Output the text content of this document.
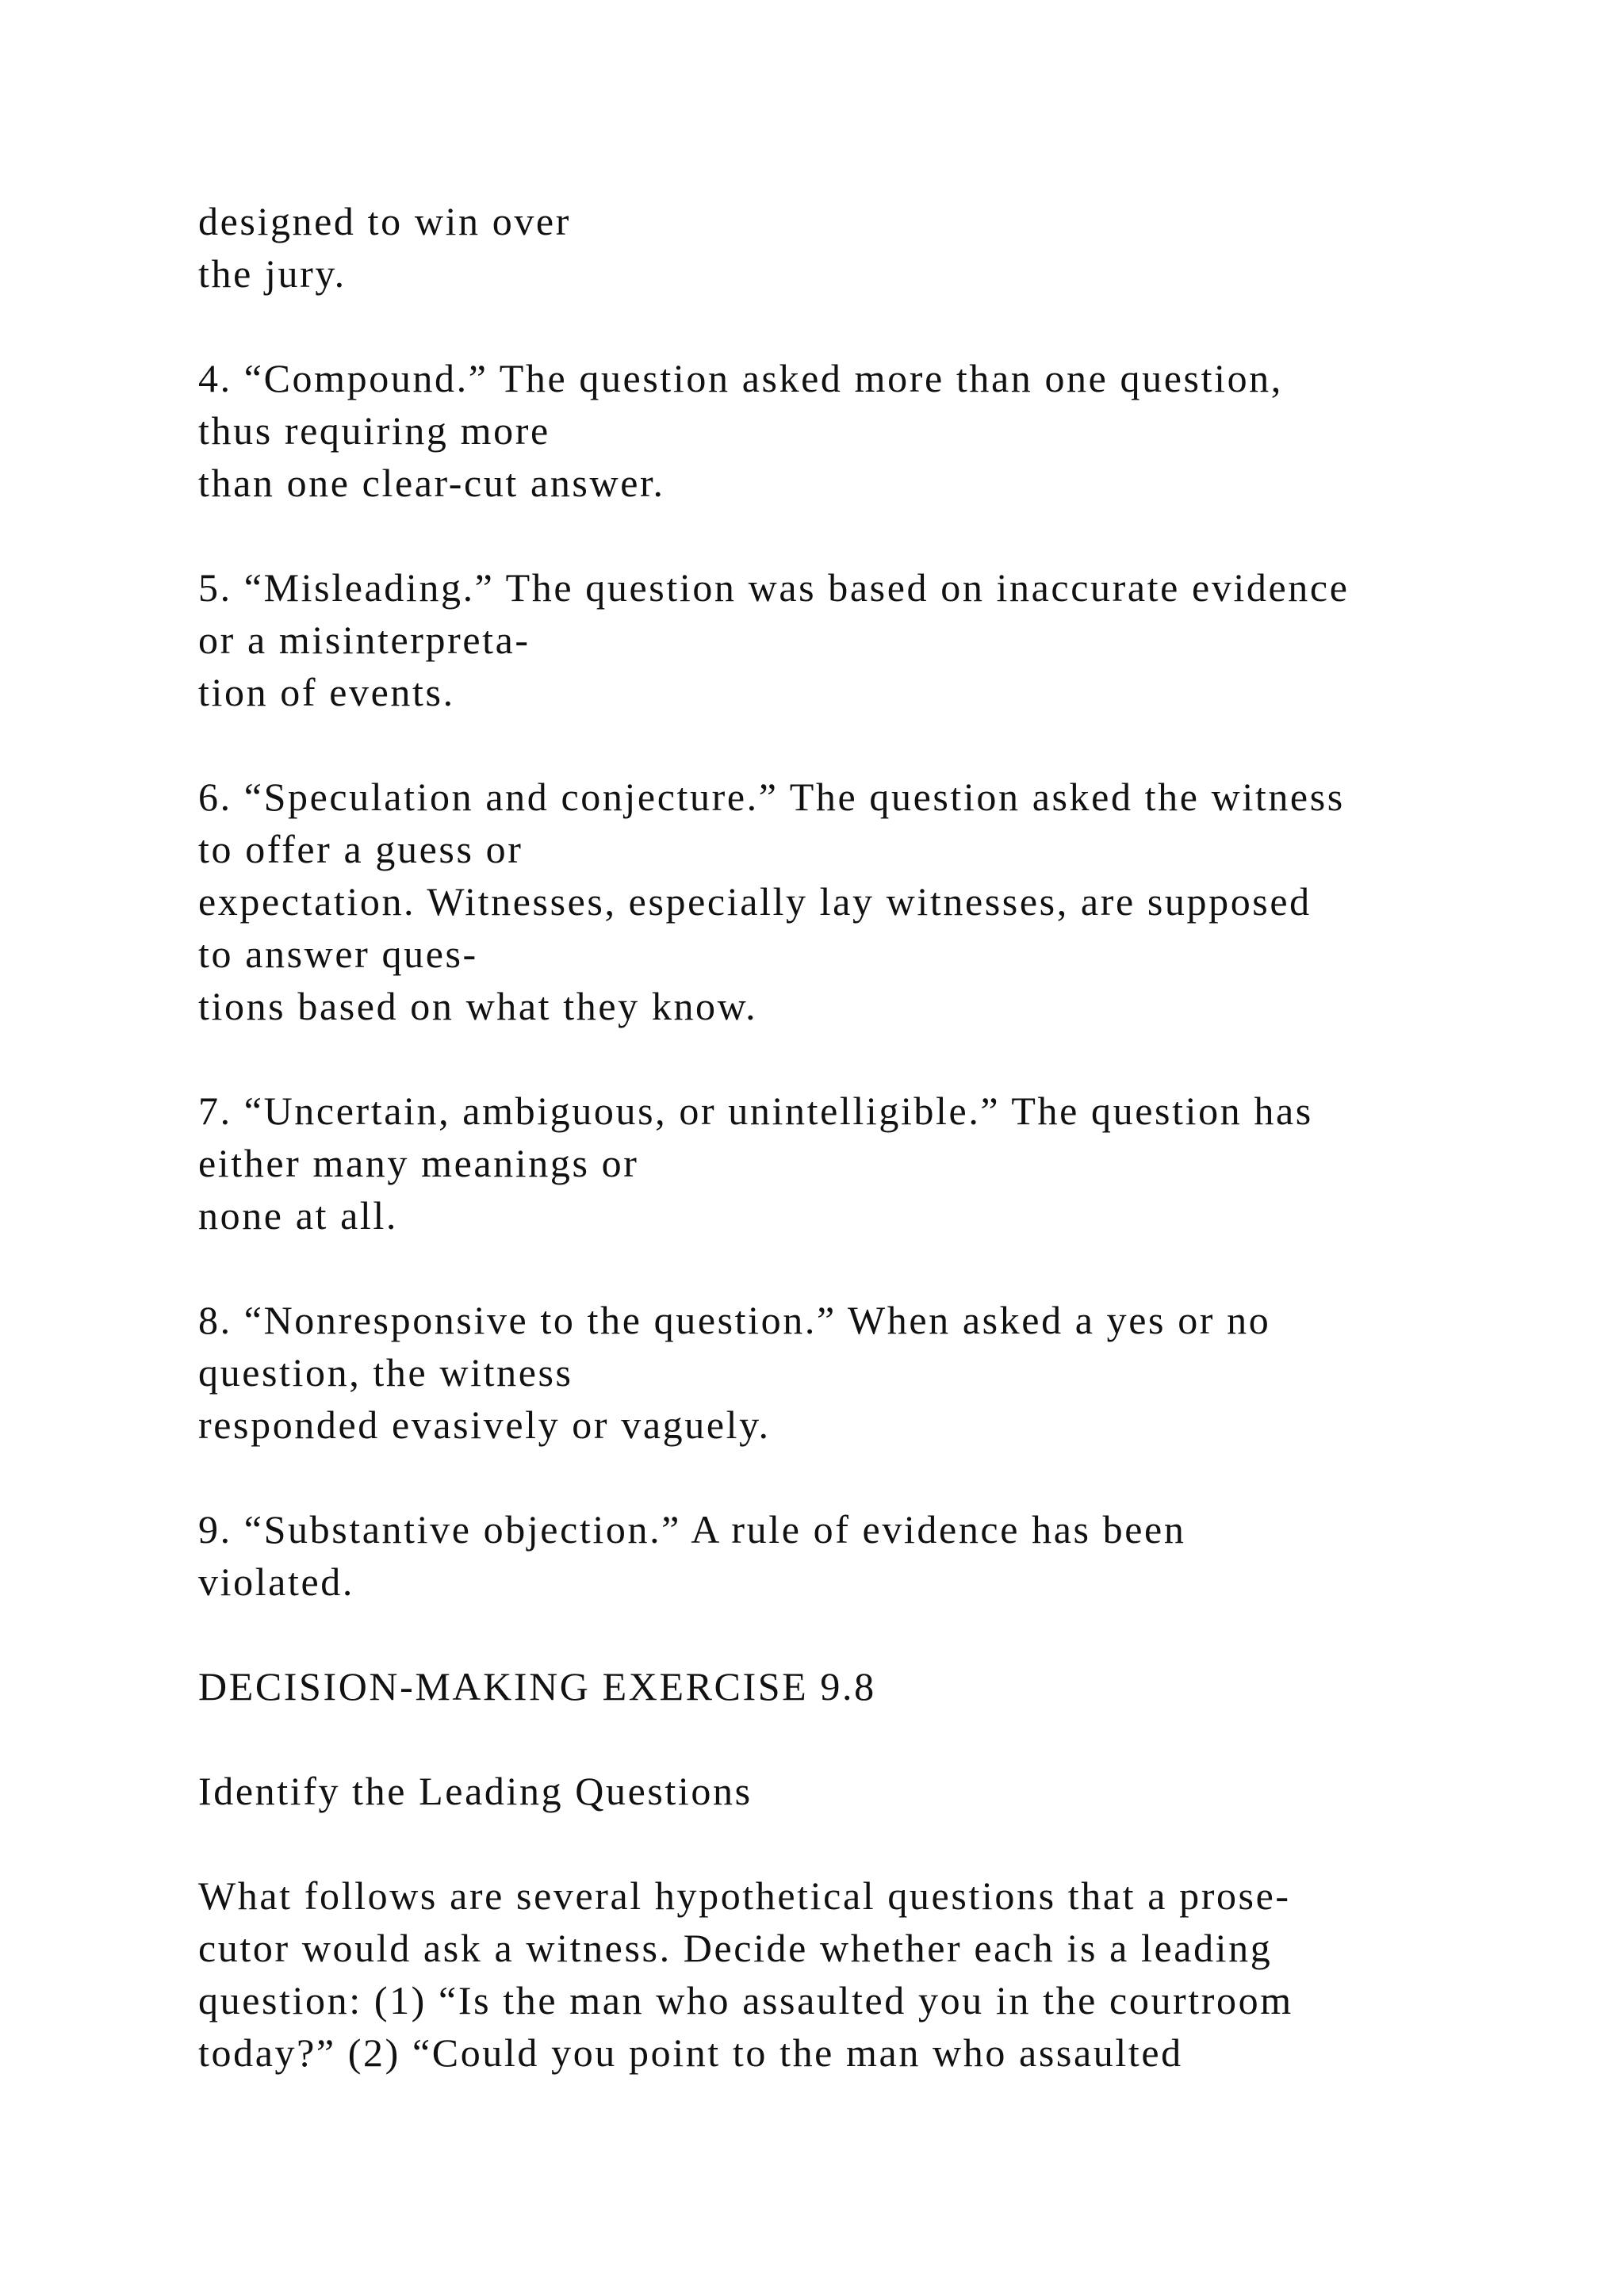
designed to win over
the jury.
4. “Compound.” The question asked more than one question,
thus requiring more
than one clear-cut answer.
5. “Misleading.” The question was based on inaccurate evidence
or a misinterpreta-
tion of events.
6. “Speculation and conjecture.” The question asked the witness
to offer a guess or
expectation. Witnesses, especially lay witnesses, are supposed
to answer ques-
tions based on what they know.
7. “Uncertain, ambiguous, or unintelligible.” The question has
either many meanings or
none at all.
8. “Nonresponsive to the question.” When asked a yes or no
question, the witness
responded evasively or vaguely.
9. “Substantive objection.” A rule of evidence has been
violated.
DECISION-MAKING EXERCISE 9.8
Identify the Leading Questions
What follows are several hypothetical questions that a prose-
cutor would ask a witness. Decide whether each is a leading
question: (1) “Is the man who assaulted you in the courtroom
today?” (2) “Could you point to the man who assaulted
